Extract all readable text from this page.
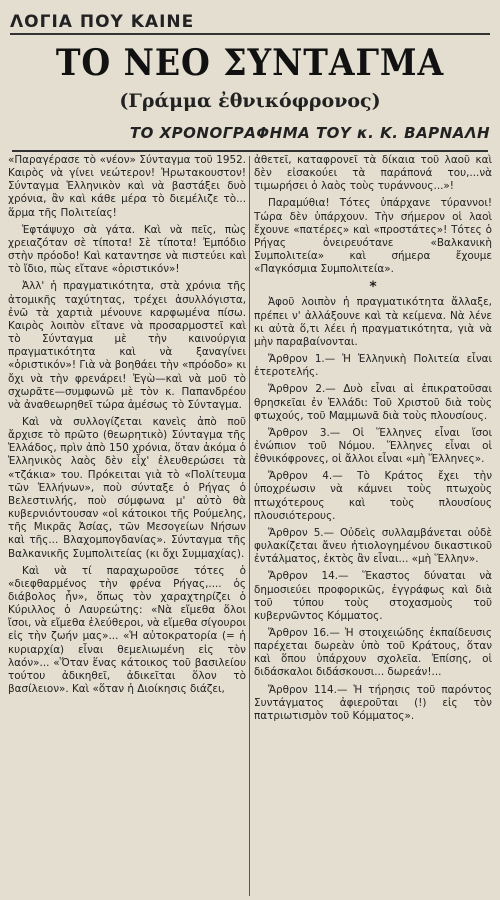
ΛΟΓΙΑ ΠΟΥ ΚΑΙΝΕ
ΤΟ ΝΕΟ ΣΥΝΤΑΓΜΑ
(Γράμμα ἐθνικόφρονος)
ΤΟ ΧΡΟΝΟΓΡΑΦΗΜΑ ΤΟΥ κ. Κ. ΒΑΡΝΑΛΗ

«Παραγέρασε τὸ «νέον» Σύνταγμα τοῦ 1952. Καιρὸς νὰ γίνει νεώτερον! Ἡρωτακουστον! Σύνταγμα Ἑλληνικὸν καὶ νὰ βαστάξει δυὸ χρόνια, ἂν καὶ κάθε μέρα τὸ διεμέλιζε τὸ... ἅρμα τῆς Πολιτείας!

Ἑφτάψυχο σὰ γάτα. Καὶ νὰ πεῖς, πὼς χρειαζόταν σὲ τίποτα! Σὲ τίποτα! Ἐμπόδιο στὴν πρόοδο! Καὶ καταντησε νὰ πιστεύει καὶ τὸ ἴδιο, πὼς εἴτανε «ὁριστικόν»!

Ἀλλ' ἡ πραγματικότητα, στὰ χρόνια τῆς ἀτομικῆς ταχύτητας, τρέχει ἀσυλλόγιστα, ἐνῶ τὰ χαρτιὰ μένουνε καρφωμένα πίσω. Καιρὸς λοιπὸν εἴτανε νὰ προσαρμοστεῖ καὶ τὸ Σύνταγμα μὲ τὴν καινούργια πραγματικότητα καὶ νὰ ξαναγίνει «ὁριστικόν»! Γιὰ νὰ βοηθάει τὴν «πρόοδο» κι ὄχι νὰ τὴν φρενάρει! Ἐγὼ—καὶ νὰ μοῦ τὸ σχωρᾶτε—συμφωνῶ μὲ τὸν κ. Παπανδρέου νὰ ἀναθεωρηθεῖ τώρα ἀμέσως τὸ Σύνταγμα.

Καὶ νὰ συλλογίζεται κανεὶς ἀπὸ ποῦ ἄρχισε τὸ πρῶτο (θεωρητικὸ) Σύνταγμα τῆς Ἑλλάδος, πρὶν ἀπὸ 150 χρόνια, ὅταν ἀκόμα ὁ Ἑλληνικὸς λαὸς δὲν εἶχ' ἐλευθερώσει τὰ «τζάκια» του. Πρόκειται γιὰ τὸ «Πολίτευμα τῶν Ἑλλήνων», ποὺ σύνταξε ὁ Ρήγας ὁ Βελεστινλής, ποὺ σύμφωνα μ' αὐτὸ θὰ κυβερνιόντουσαν «οἱ κάτοικοι τῆς Ρούμελης, τῆς Μικρᾶς Ἀσίας, τῶν Μεσογείων Νήσων καὶ τῆς... Βλαχομπογδανίας». Σύνταγμα τῆς Βαλκανικῆς Συμπολιτείας (κι ὄχι Συμμαχίας).

Καὶ νὰ τί παραχωροῦσε τότες ὁ «διεφθαρμένος τὴν φρένα Ρήγας,.... ὁς διάβολος ἦν», ὅπως τὸν χαραχτηρίζει ὁ Κύριλλος ὁ Λαυρεώτης: «Νὰ εἴμεθα ὅλοι ἴσοι, νὰ εἴμεθα ἐλεύθεροι, νὰ εἴμεθα σίγουροι εἰς τὴν ζωήν μας»... «Ἡ αὐτοκρατορία (= ἡ κυριαρχία) εἶναι θεμελιωμένη εἰς τὸν λαόν»... «Ὅταν ἕνας κάτοικος τοῦ βασιλείου τούτου ἀδικηθεῖ, ἀδικεῖται ὅλον τὸ βασίλειον». Καὶ «ὅταν ἡ Διοίκησις διάζει,

ἀθετεῖ, καταφρονεῖ τὰ δίκαια τοῦ λαοῦ καὶ δὲν εἰσακούει τὰ παράπονά του,...νὰ τιμωρήσει ὁ λαὸς τοὺς τυράννους...»!

Παραμύθια! Τότες ὑπάρχανε τύραννοι! Τώρα δὲν ὑπάρχουν. Τὴν σήμερον οἱ λαοὶ ἔχουνε «πατέρες» καὶ «προστάτες»! Τότες ὁ Ρήγας ὀνειρευότανε «Βαλκανικὴ Συμπολιτεία» καὶ σήμερα ἔχουμε «Παγκόσμια Συμπολιτεία».

*

Ἀφοῦ λοιπὸν ἡ πραγματικότητα ἄλλαξε, πρέπει ν' ἀλλάξουνε καὶ τὰ κείμενα. Νὰ λένε κι αὐτὰ ὅ,τι λέει ἡ πραγματικότητα, γιὰ νὰ μὴν παραβαίνονται.

Ἄρθρον 1.— Ἡ Ἑλληνικὴ Πολιτεία εἶναι ἑτεροτελής.

Ἄρθρον 2.— Δυὸ εἶναι αἱ ἐπικρατοῦσαι θρησκεῖαι ἐν Ἑλλάδι: Τοῦ Χριστοῦ διὰ τοὺς φτωχούς, τοῦ Μαμμωνᾶ διὰ τοὺς πλουσίους.

Ἄρθρον 3.— Οἱ Ἕλληνες εἶναι ἴσοι ἐνώπιον τοῦ Νόμου. Ἕλληνες εἶναι οἱ ἐθνικόφρονες, οἱ ἄλλοι εἶναι «μὴ Ἕλληνες».

Ἄρθρον 4.— Τὸ Κράτος ἔχει τὴν ὑποχρέωσιν νὰ κάμνει τοὺς πτωχοὺς πτωχότερους καὶ τοὺς πλουσίους πλουσιότερους.

Ἄρθρον 5.— Οὐδεὶς συλλαμβάνεται οὐδὲ φυλακίζεται ἄνευ ἠτιολογημένου δικαστικοῦ ἐντάλματος, ἐκτὸς ἂν εἶναι... «μὴ Ἕλλην».

Ἄρθρον 14.— Ἕκαστος δύναται νὰ δημοσιεύει προφορικῶς, ἐγγράφως καὶ διὰ τοῦ τύπου τοὺς στοχασμοὺς τοῦ κυβερνῶντος Κόμματος.

Ἄρθρον 16.— Ἡ στοιχειώδης ἐκπαίδευσις παρέχεται δωρεὰν ὑπὸ τοῦ Κράτους, ὅταν καὶ ὅπου ὑπάρχουν σχολεῖα. Ἐπίσης, οἱ διδάσκαλοι διδάσκουσι... δωρεάν!...

Ἄρθρον 114.— Ἡ τήρησις τοῦ παρόντος Συντάγματος ἀφιεροῦται (!) εἰς τὸν πατριωτισμὸν τοῦ Κόμματος».
